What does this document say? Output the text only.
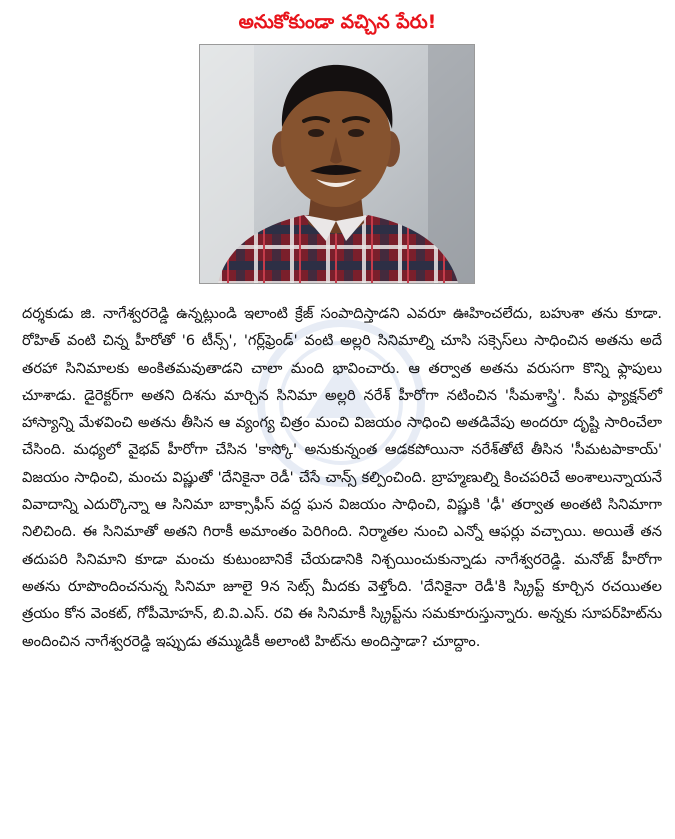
అనుకోకుండా వచ్చిన పేరు!

దర్శకుడు జి. నాగేశ్వరరెడ్డి ఉన్నట్లుండి ఇలాంటి క్రేజ్ సంపాదిస్తాడని ఎవరూ ఊహించలేదు, బహుశా తను కూడా. రోహిత్ వంటి చిన్న హీరోతో '6 టీన్స్', 'గర్ల్‌ఫ్రెండ్' వంటి అల్లరి సినిమాల్ని చూసి సక్సెస్‌లు సాధించిన అతను అదే తరహా సినిమాలకు అంకితమవుతాడని చాలా మంది భావించారు. ఆ తర్వాత అతను వరుసగా కొన్ని ఫ్లాపులు చూశాడు. డైరెక్టర్‌గా అతని దిశను మార్చిన సినిమా అల్లరి నరేశ్ హీరోగా నటించిన 'సీమశాస్త్రి'. సీమ ఫ్యాక్షన్‌లో హాస్యాన్ని మేళవించి అతను తీసిన ఆ వ్యంగ్య చిత్రం మంచి విజయం సాధించి అతడివేపు అందరూ దృష్టి సారించేలా చేసింది. మధ్యలో వైభవ్ హీరోగా చేసిన 'కాస్కో' అనుకున్నంత ఆడకపోయినా నరేశ్‌తోటే తీసిన 'సీమటపాకాయ్' విజయం సాధించి, మంచు విష్ణుతో 'దేనికైనా రెడీ' చేసే చాన్స్ కల్పించింది. బ్రాహ్మణుల్ని కించపరిచే అంశాలున్నాయనే వివాదాన్ని ఎదుర్కొన్నా ఆ సినిమా బాక్సాఫీస్ వద్ద ఘన విజయం సాధించి, విష్ణుకి 'ఢీ' తర్వాత అంతటి సినిమాగా నిలిచింది. ఈ సినిమాతో అతని గిరాకీ అమాంతం పెరిగింది. నిర్మాతల నుంచి ఎన్నో ఆఫర్లు వచ్చాయి. అయితే తన తదుపరి సినిమాని కూడా మంచు కుటుంబానికే చేయడానికి నిశ్చయించుకున్నాడు నాగేశ్వరరెడ్డి. మనోజ్ హీరోగా అతను రూపొందించనున్న సినిమా జూలై 9న సెట్స్ మీదకు వెళ్తోంది. 'దేనికైనా రెడీ'కి స్క్రిప్ట్ కూర్చిన రచయితల త్రయం కోన వెంకట్, గోపీమోహన్, బి.వి.ఎస్. రవి ఈ సినిమాకీ స్క్రిప్ట్‌ను సమకూరుస్తున్నారు. అన్నకు సూపర్‌హిట్‌ను అందించిన నాగేశ్వరరెడ్డి ఇప్పుడు తమ్ముడికీ అలాంటి హిట్‌ను అందిస్తాడా? చూద్దాం.
